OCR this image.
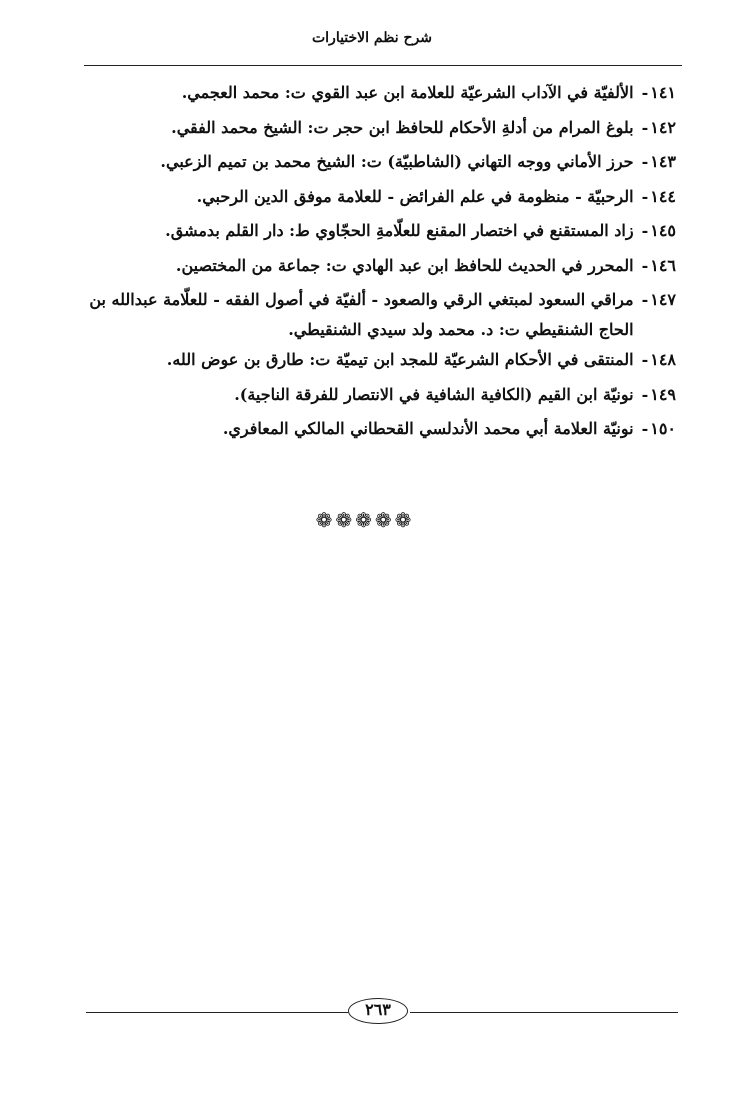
شرح نظم الاختيارات
١٤١
-
الألفيّة في الآداب الشرعيّة للعلامة ابن عبد القوي ت: محمد العجمي.
١٤٢
-
بلوغ المرام من أدلةِ الأحكام للحافظ ابن حجر ت: الشيخ محمد الفقي.
١٤٣
-
حرز الأماني ووجه التهاني (الشاطبيّة) ت: الشيخ محمد بن تميم الزعبي.
١٤٤
-
الرحبيّة - منظومة في علم الفرائض - للعلامة موفق الدين الرحبي.
١٤٥
-
زاد المستقنع في اختصار المقنع للعلّامةِ الحجّاوي ط: دار القلم بدمشق.
١٤٦
-
المحرر في الحديث للحافظ ابن عبد الهادي ت: جماعة من المختصين.
١٤٧
-
مراقي السعود لمبتغي الرقي والصعود - ألفيّة في أصول الفقه - للعلّامة عبدالله بن الحاج الشنقيطي ت: د. محمد ولد سيدي الشنقيطي.
١٤٨
-
المنتقى في الأحكام الشرعيّة للمجد ابن تيميّة ت: طارق بن عوض الله.
١٤٩
-
نونيّة ابن القيم (الكافية الشافية في الانتصار للفرقة الناجية).
١٥٠
-
نونيّة العلامة أبي محمد الأندلسي القحطاني المالكي المعافري.
❁❁❁❁❁
٢٦٣
